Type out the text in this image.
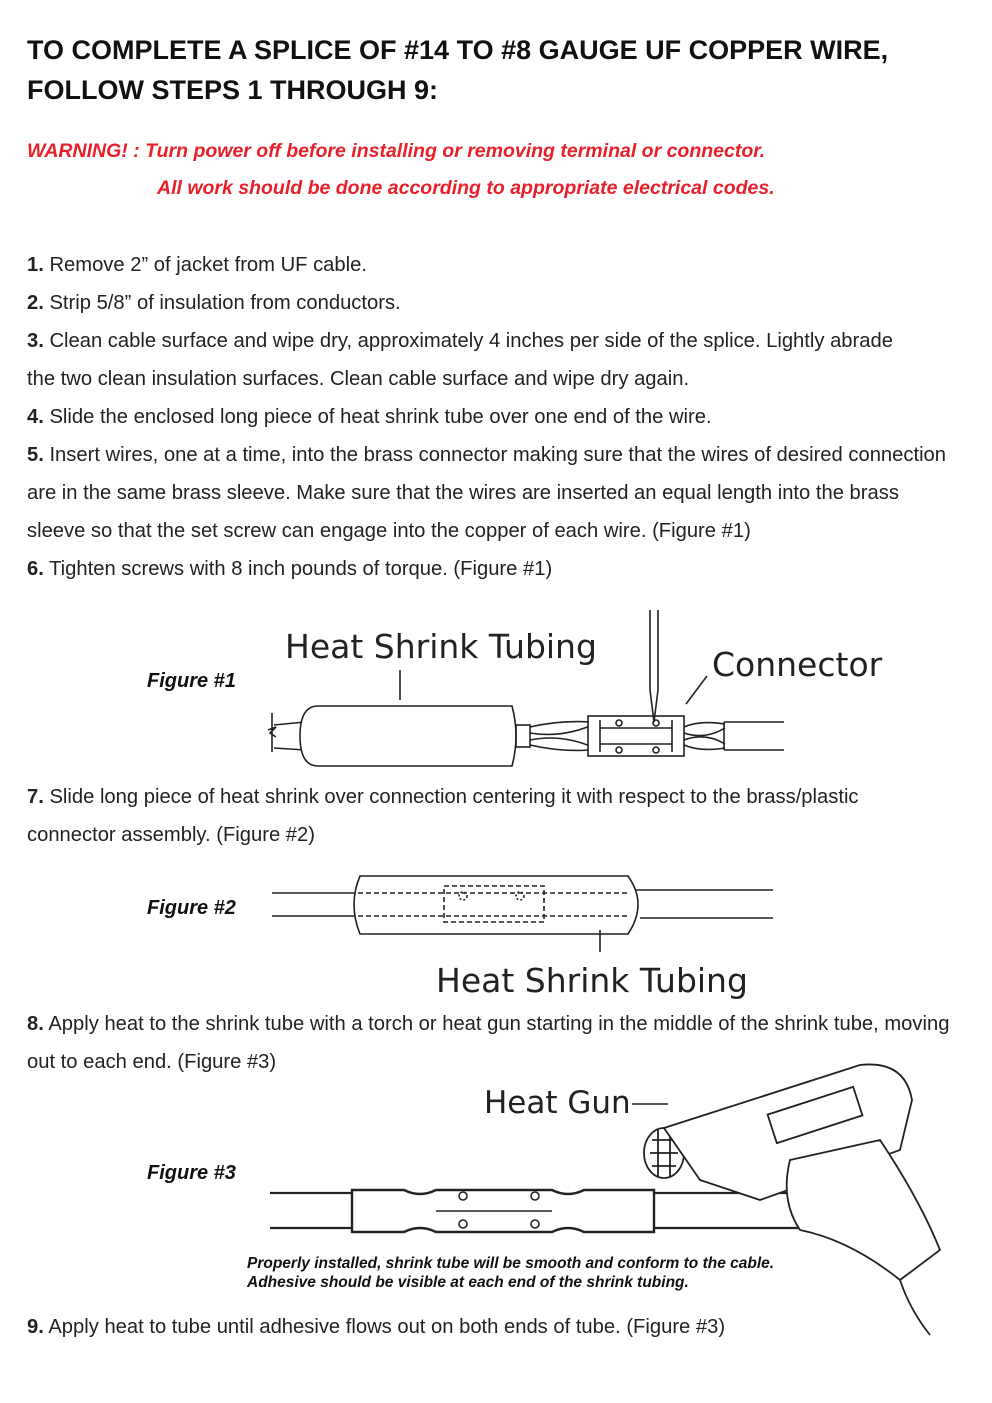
TO COMPLETE A SPLICE OF #14 TO #8 GAUGE UF COPPER WIRE,
FOLLOW STEPS 1 THROUGH 9:
WARNING! : Turn power off before installing or removing terminal or connector.
All work should be done according to appropriate electrical codes.
1. Remove 2” of jacket from UF cable.
2. Strip 5/8” of insulation from conductors.
3. Clean cable surface and wipe dry, approximately 4 inches per side of the splice. Lightly abrade the two clean insulation surfaces. Clean cable surface and wipe dry again.
4. Slide the enclosed long piece of heat shrink tube over one end of the wire.
5. Insert wires, one at a time, into the brass connector making sure that the wires of desired connection are in the same brass sleeve. Make sure that the wires are inserted an equal length into the brass sleeve so that the set screw can engage into the copper of each wire. (Figure #1)
6. Tighten screws with 8 inch pounds of torque. (Figure #1)
7. Slide long piece of heat shrink over connection centering it with respect to the brass/plastic connector assembly. (Figure #2)
8. Apply heat to the shrink tube with a torch or heat gun starting in the middle of the shrink tube, moving out to each end. (Figure #3)
9. Apply heat to tube until adhesive flows out on both ends of tube. (Figure #3)
Figure #1
Figure #2
Figure #3
Properly installed, shrink tube will be smooth and conform to the cable.
Adhesive should be visible at each end of the shrink tubing.
Heat Shrink Tubing	Connector
Heat Shrink Tubing
Heat Gun
